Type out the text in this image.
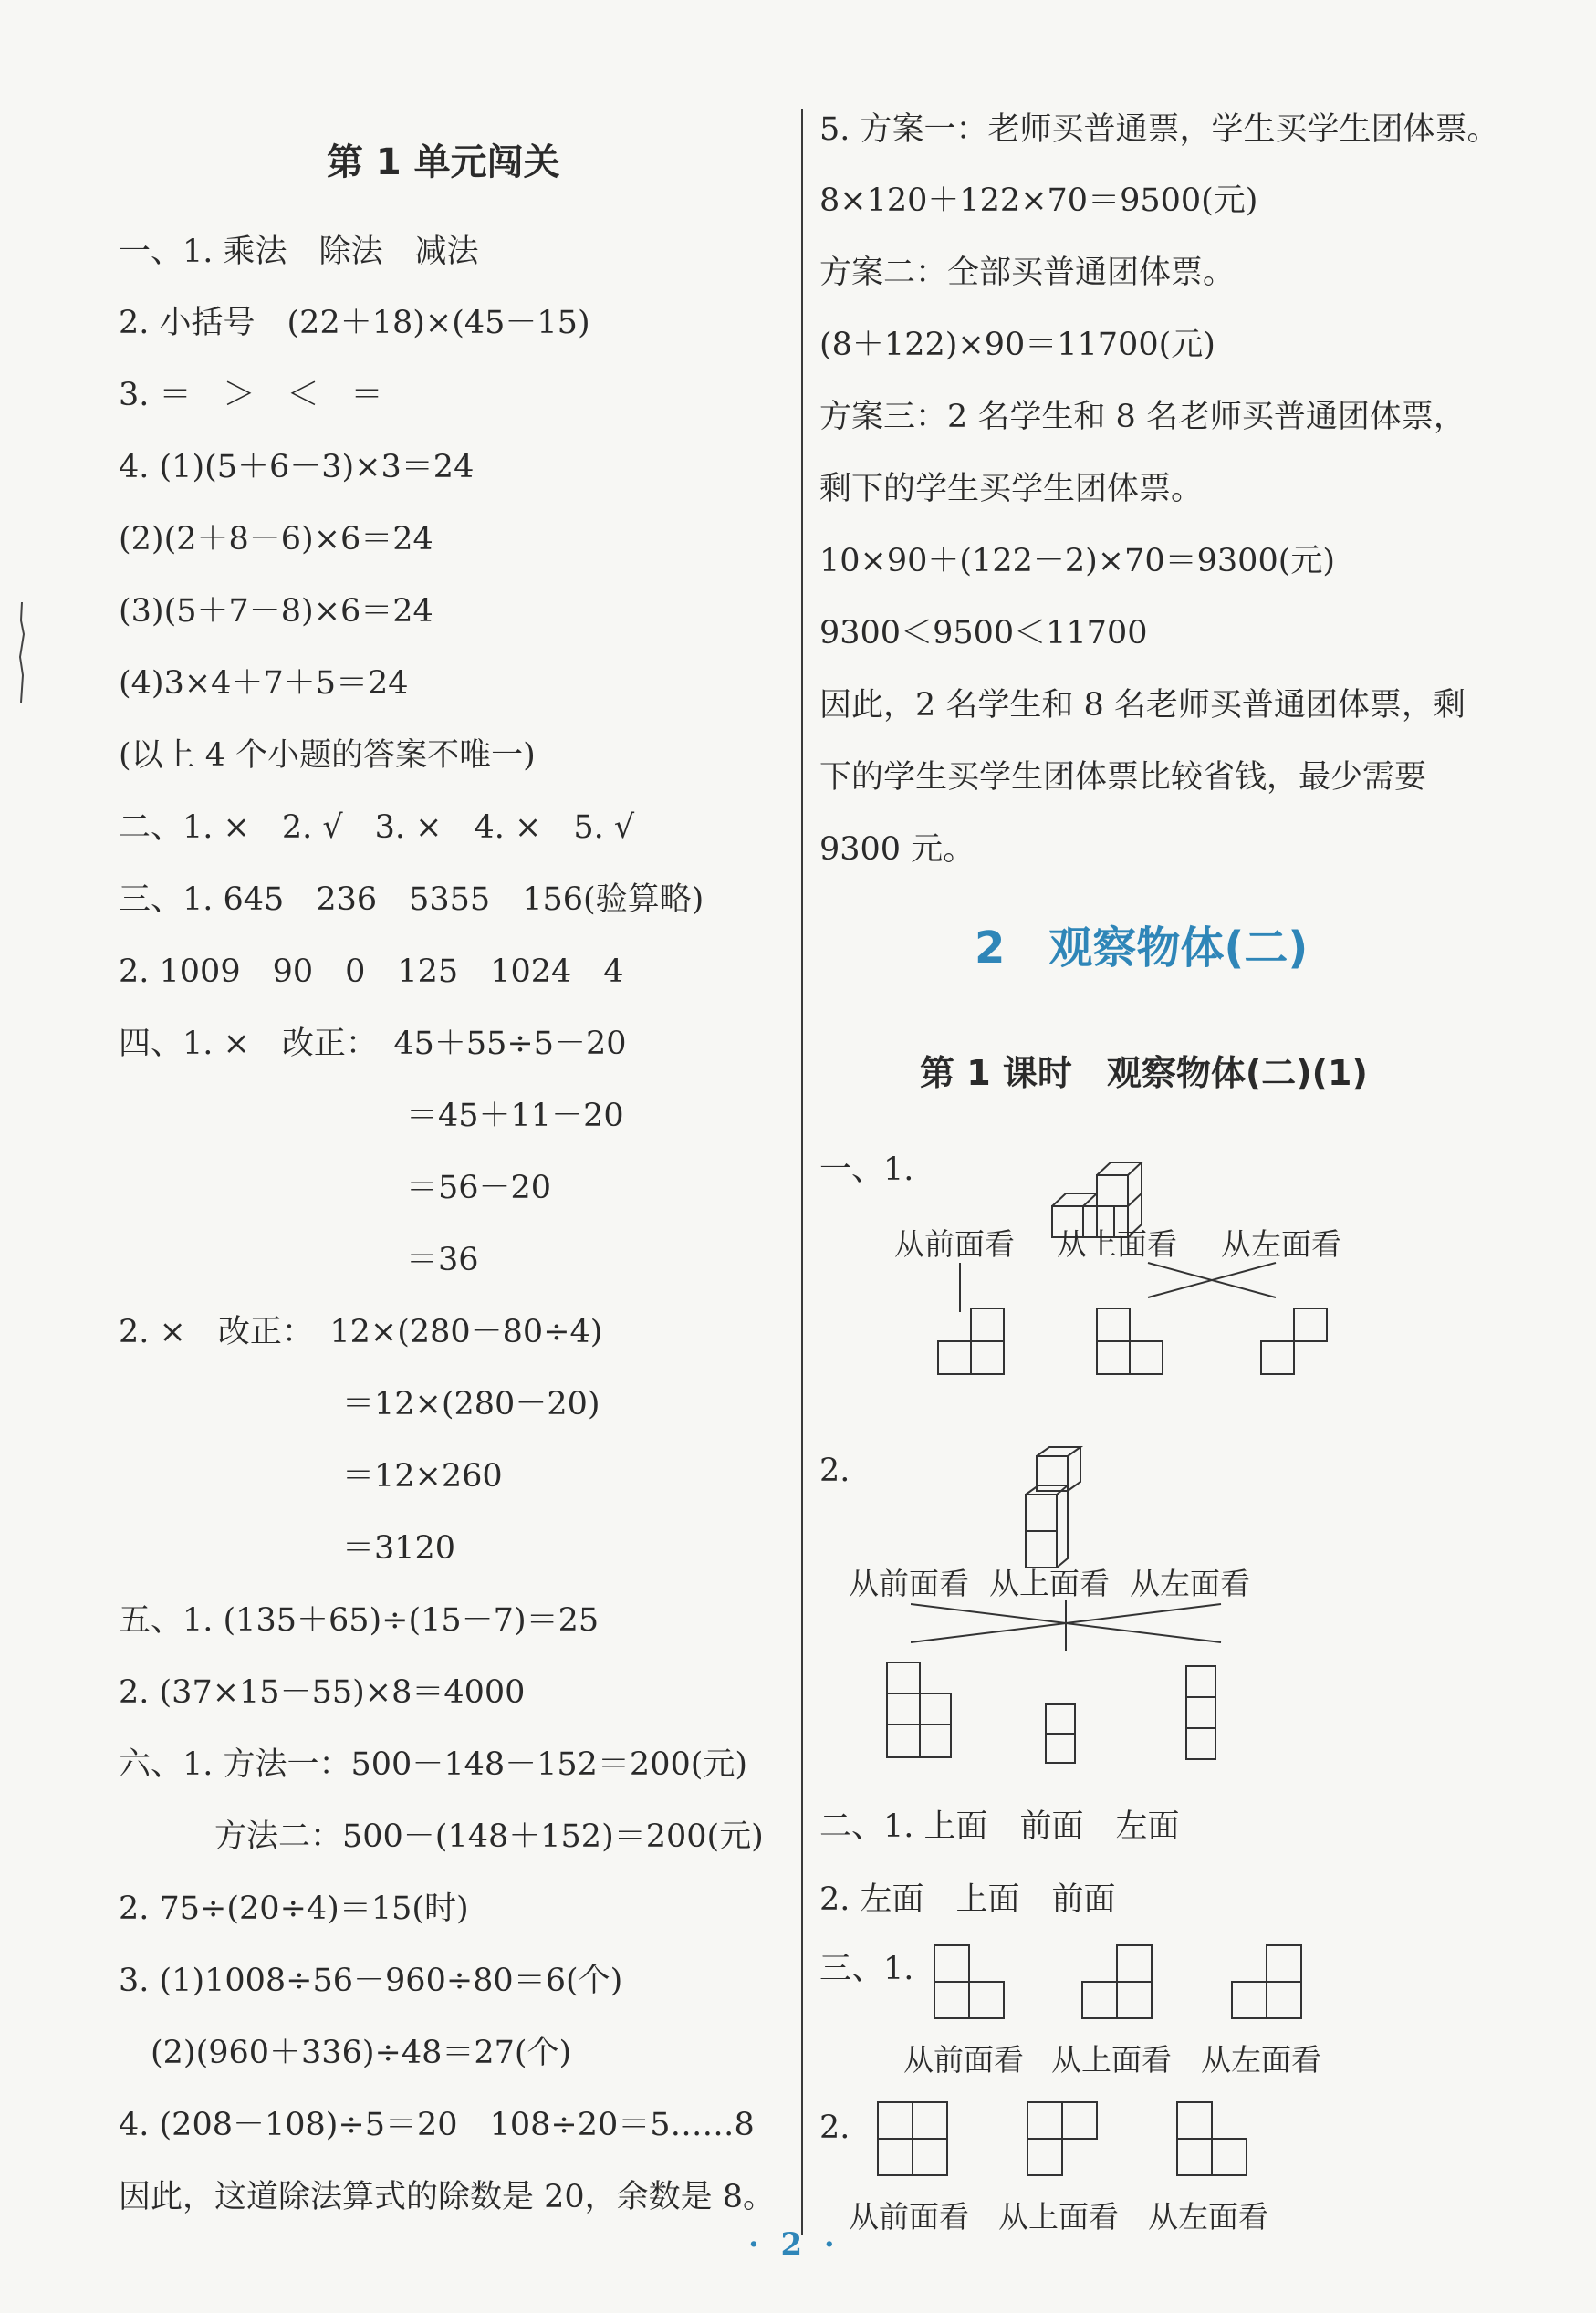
第 1 单元闯关
一、1. 乘法　除法　减法
2. 小括号　(22＋18)×(45－15)
3. ＝　＞　＜　＝
4. (1)(5＋6－3)×3＝24
(2)(2＋8－6)×6＝24
(3)(5＋7－8)×6＝24
(4)3×4＋7＋5＝24
(以上 4 个小题的答案不唯一)
二、1. ×　2. √　3. ×　4. ×　5. √
三、1. 645　236　5355　156(验算略)
2. 1009　90　0　125　1024　4
四、1. ×　改正：　45＋55÷5－20
　　　　　　　　　＝45＋11－20
　　　　　　　　　＝56－20
　　　　　　　　　＝36
2. ×　改正：　12×(280－80÷4)
　　　　　　　＝12×(280－20)
　　　　　　　＝12×260
　　　　　　　＝3120
五、1. (135＋65)÷(15－7)＝25
2. (37×15－55)×8＝4000
六、1. 方法一：500－148－152＝200(元)
　　　方法二：500－(148＋152)＝200(元)
2. 75÷(20÷4)＝15(时)
3. (1)1008÷56－960÷80＝6(个)
　(2)(960＋336)÷48＝27(个)
4. (208－108)÷5＝20　108÷20＝5……8
因此，这道除法算式的除数是 20，余数是 8。
5. 方案一：老师买普通票，学生买学生团体票。
8×120＋122×70＝9500(元)
方案二：全部买普通团体票。
(8＋122)×90＝11700(元)
方案三：2 名学生和 8 名老师买普通团体票，
剩下的学生买学生团体票。
10×90＋(122－2)×70＝9300(元)
9300＜9500＜11700
因此，2 名学生和 8 名老师买普通团体票，剩
下的学生买学生团体票比较省钱，最少需要
9300 元。
2　观察物体(二)
第 1 课时　观察物体(二)(1)
一、1.
从前面看 从上面看 从左面看
2.
从前面看 从上面看 从左面看
二、1. 上面　前面　左面
2. 左面　上面　前面
三、1.
从前面看 从上面看 从左面看
2.
从前面看 从上面看 从左面看
·  2  ·
